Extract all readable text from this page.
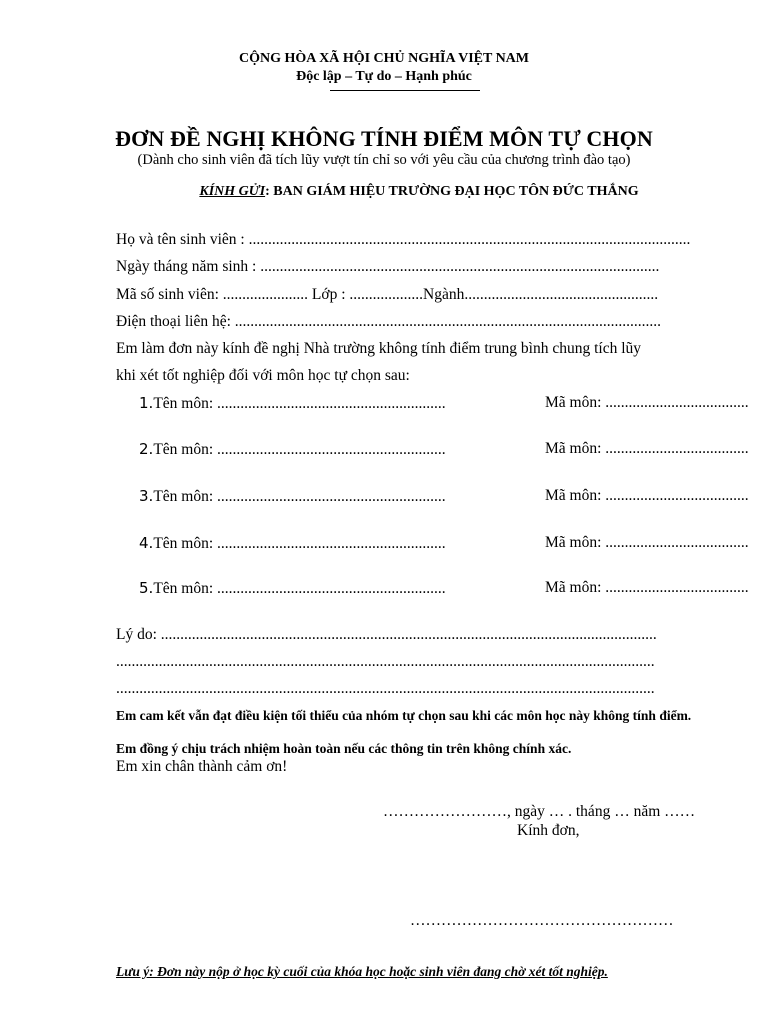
CỘNG HÒA XÃ HỘI CHỦ NGHĨA VIỆT NAM
Độc lập – Tự do – Hạnh phúc
ĐƠN ĐỀ NGHỊ KHÔNG TÍNH ĐIỂM MÔN TỰ CHỌN
(Dành cho sinh viên đã tích lũy vượt tín chỉ so với yêu cầu của chương trình đào tạo)
KÍNH GỬI: BAN GIÁM HIỆU TRƯỜNG ĐẠI HỌC TÔN ĐỨC THẮNG
Họ và tên sinh viên : ..................................................................................................................
Ngày tháng năm sinh : .......................................................................................................
Mã số sinh viên: ...................... Lớp : ...................Ngành..................................................
Điện thoại liên hệ: ..............................................................................................................
Em làm đơn này kính đề nghị Nhà trường không tính điểm trung bình chung tích lũy
khi xét tốt nghiệp đối với môn học tự chọn sau:
1.Tên môn: ...........................................................	Mã môn: .....................................
2.Tên môn: ...........................................................	Mã môn: .....................................
3.Tên môn: ...........................................................	Mã môn: .....................................
4.Tên môn: ...........................................................	Mã môn: .....................................
5.Tên môn: ...........................................................	Mã môn: .....................................
Lý do: ................................................................................................................................
...........................................................................................................................................
...........................................................................................................................................
Em cam kết vẫn đạt điều kiện tối thiểu của nhóm tự chọn sau khi các môn học này không tính điểm.
Em đồng ý chịu trách nhiệm hoàn toàn nếu các thông tin trên không chính xác.
Em xin chân thành cảm ơn!
……………………, ngày … . tháng … năm ……
Kính đơn,
……………………………………………
Lưu ý: Đơn này nộp ở học kỳ cuối của khóa học hoặc sinh viên đang chờ xét tốt nghiệp.
